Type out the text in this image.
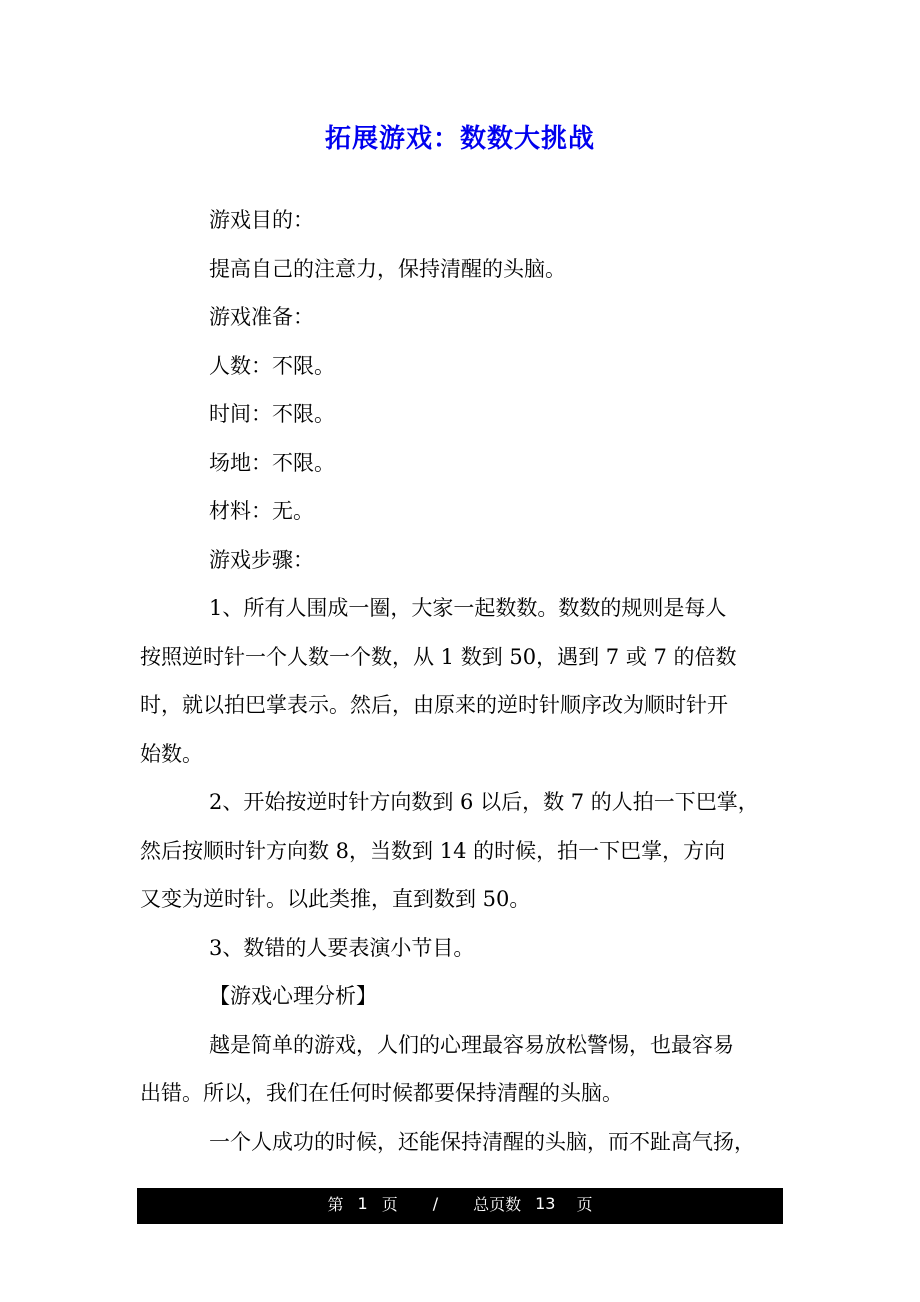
拓展游戏：数数大挑战
游戏目的：
提高自己的注意力，保持清醒的头脑。
游戏准备：
人数：不限。
时间：不限。
场地：不限。
材料：无。
游戏步骤：
1、所有人围成一圈，大家一起数数。数数的规则是每人
按照逆时针一个人数一个数，从 1 数到 50，遇到 7 或 7 的倍数
时，就以拍巴掌表示。然后，由原来的逆时针顺序改为顺时针开
始数。
2、开始按逆时针方向数到 6 以后，数 7 的人拍一下巴掌，
然后按顺时针方向数 8，当数到 14 的时候，拍一下巴掌，方向
又变为逆时针。以此类推，直到数到 50。
3、数错的人要表演小节目。
【游戏心理分析】
越是简单的游戏，人们的心理最容易放松警惕，也最容易
出错。所以，我们在任何时候都要保持清醒的头脑。
一个人成功的时候，还能保持清醒的头脑，而不趾高气扬，
第 1 页 / 总页数 13 页
